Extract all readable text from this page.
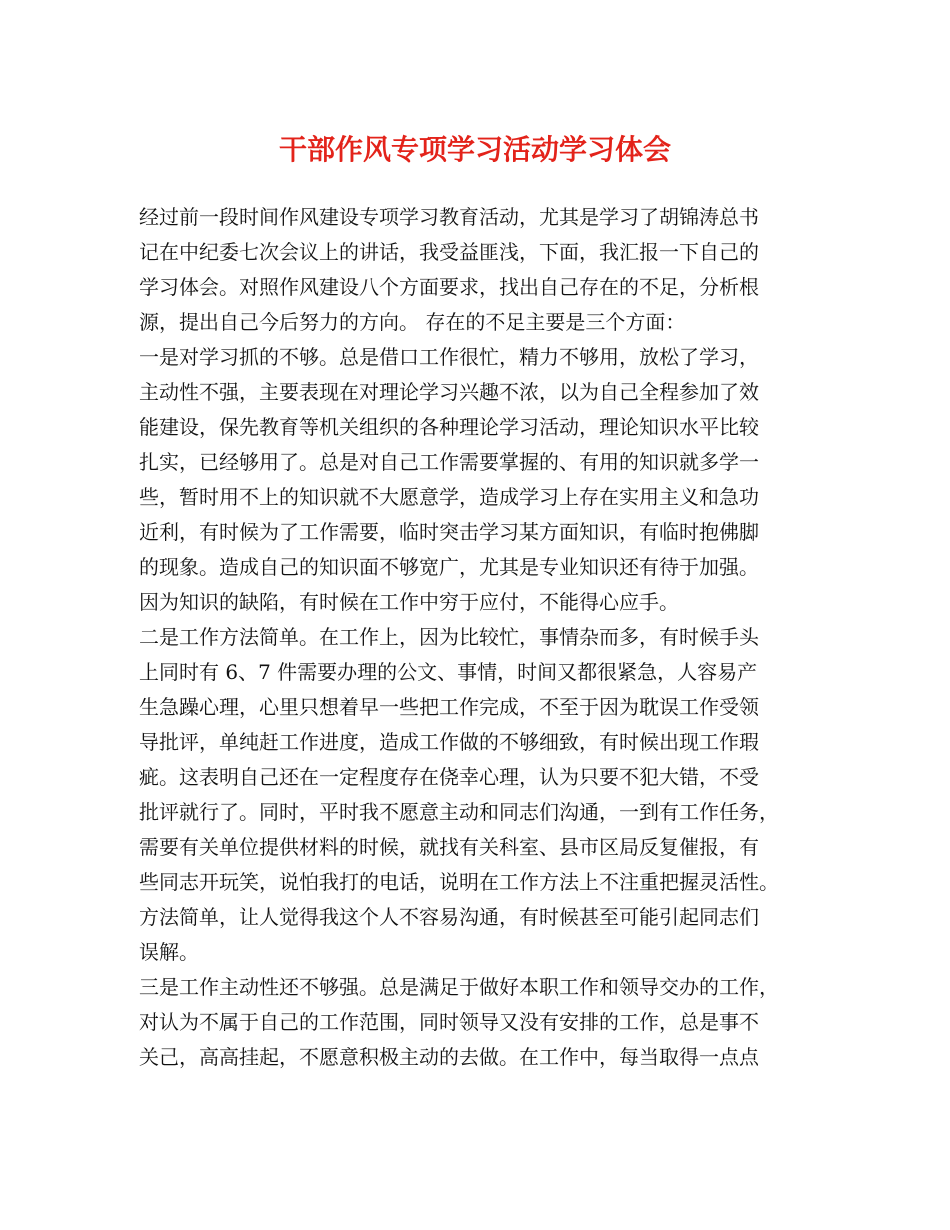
干部作风专项学习活动学习体会
经过前一段时间作风建设专项学习教育活动，尤其是学习了胡锦涛总书
记在中纪委七次会议上的讲话，我受益匪浅，下面，我汇报一下自己的
学习体会。对照作风建设八个方面要求，找出自己存在的不足，分析根
源，提出自己今后努力的方向。 存在的不足主要是三个方面：
一是对学习抓的不够。总是借口工作很忙，精力不够用，放松了学习，
主动性不强，主要表现在对理论学习兴趣不浓，以为自己全程参加了效
能建设，保先教育等机关组织的各种理论学习活动，理论知识水平比较
扎实，已经够用了。总是对自己工作需要掌握的、有用的知识就多学一
些，暂时用不上的知识就不大愿意学，造成学习上存在实用主义和急功
近利，有时候为了工作需要，临时突击学习某方面知识，有临时抱佛脚
的现象。造成自己的知识面不够宽广，尤其是专业知识还有待于加强。
因为知识的缺陷，有时候在工作中穷于应付，不能得心应手。
二是工作方法简单。在工作上，因为比较忙，事情杂而多，有时候手头
上同时有 6、7 件需要办理的公文、事情，时间又都很紧急，人容易产
生急躁心理，心里只想着早一些把工作完成，不至于因为耽误工作受领
导批评，单纯赶工作进度，造成工作做的不够细致，有时候出现工作瑕
疵。这表明自己还在一定程度存在侥幸心理，认为只要不犯大错，不受
批评就行了。同时，平时我不愿意主动和同志们沟通，一到有工作任务，
需要有关单位提供材料的时候，就找有关科室、县市区局反复催报，有
些同志开玩笑，说怕我打的电话，说明在工作方法上不注重把握灵活性。
方法简单，让人觉得我这个人不容易沟通，有时候甚至可能引起同志们
误解。
三是工作主动性还不够强。总是满足于做好本职工作和领导交办的工作，
对认为不属于自己的工作范围，同时领导又没有安排的工作，总是事不
关己，高高挂起，不愿意积极主动的去做。在工作中，每当取得一点点
